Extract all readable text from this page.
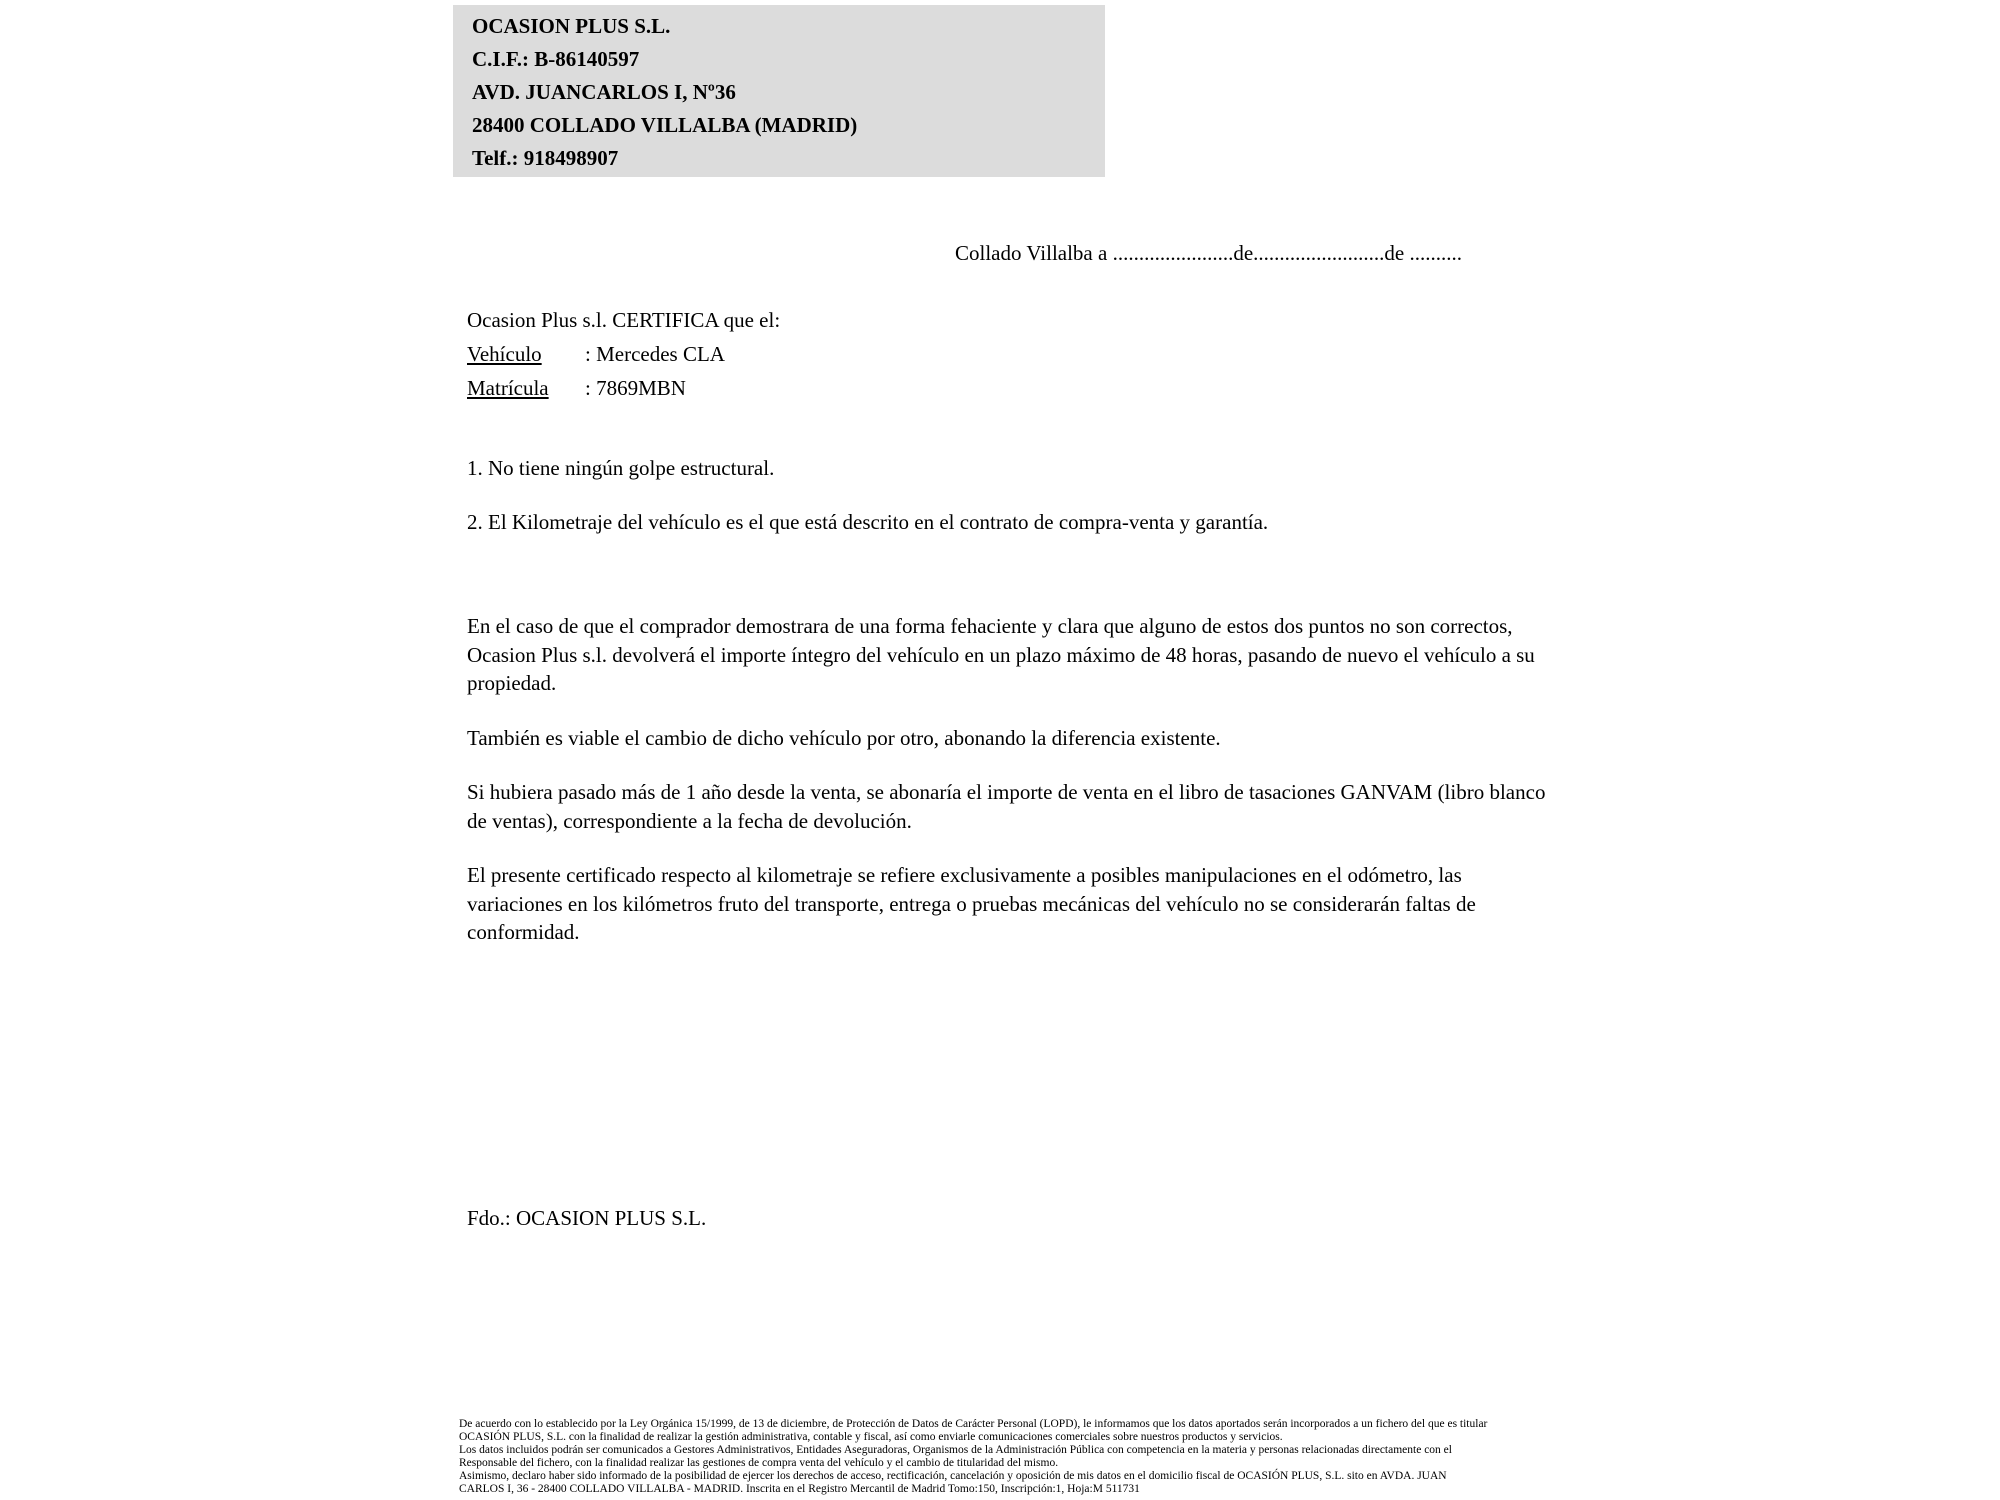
OCASION PLUS S.L.
C.I.F.: B-86140597
AVD. JUANCARLOS I, Nº36
28400 COLLADO VILLALBA (MADRID)
Telf.: 918498907
Collado Villalba a .......................de.........................de ..........
Ocasion Plus s.l. CERTIFICA que el:
Vehículo : Mercedes CLA
Matrícula : 7869MBN
1. No tiene ningún golpe estructural.
2. El Kilometraje del vehículo es el que está descrito en el contrato de compra-venta y garantía.

En el caso de que el comprador demostrara de una forma fehaciente y clara que alguno de estos dos puntos no son correctos, Ocasion Plus s.l. devolverá el importe íntegro del vehículo en un plazo máximo de 48 horas, pasando de nuevo el vehículo a su propiedad.

También es viable el cambio de dicho vehículo por otro, abonando la diferencia existente.

Si hubiera pasado más de 1 año desde la venta, se abonaría el importe de venta en el libro de tasaciones GANVAM (libro blanco de ventas), correspondiente a la fecha de devolución.

El presente certificado respecto al kilometraje se refiere exclusivamente a posibles manipulaciones en el odómetro, las variaciones en los kilómetros fruto del transporte, entrega o pruebas mecánicas del vehículo no se considerarán faltas de conformidad.

Fdo.: OCASION PLUS S.L.
De acuerdo con lo establecido por la Ley Orgánica 15/1999, de 13 de diciembre, de Protección de Datos de Carácter Personal (LOPD), le informamos que los datos aportados serán incorporados a un fichero del que es titular
OCASIÓN PLUS, S.L. con la finalidad de realizar la gestión administrativa, contable y fiscal, así como enviarle comunicaciones comerciales sobre nuestros productos y servicios.
Los datos incluidos podrán ser comunicados a Gestores Administrativos, Entidades Aseguradoras, Organismos de la Administración Pública con competencia en la materia y personas relacionadas directamente con el
Responsable del fichero, con la finalidad realizar las gestiones de compra venta del vehículo y el cambio de titularidad del mismo.
Asimismo, declaro haber sido informado de la posibilidad de ejercer los derechos de acceso, rectificación, cancelación y oposición de mis datos en el domicilio fiscal de OCASIÓN PLUS, S.L. sito en AVDA. JUAN
CARLOS I, 36 - 28400 COLLADO VILLALBA - MADRID. Inscrita en el Registro Mercantil de Madrid Tomo:150, Inscripción:1, Hoja:M 511731
